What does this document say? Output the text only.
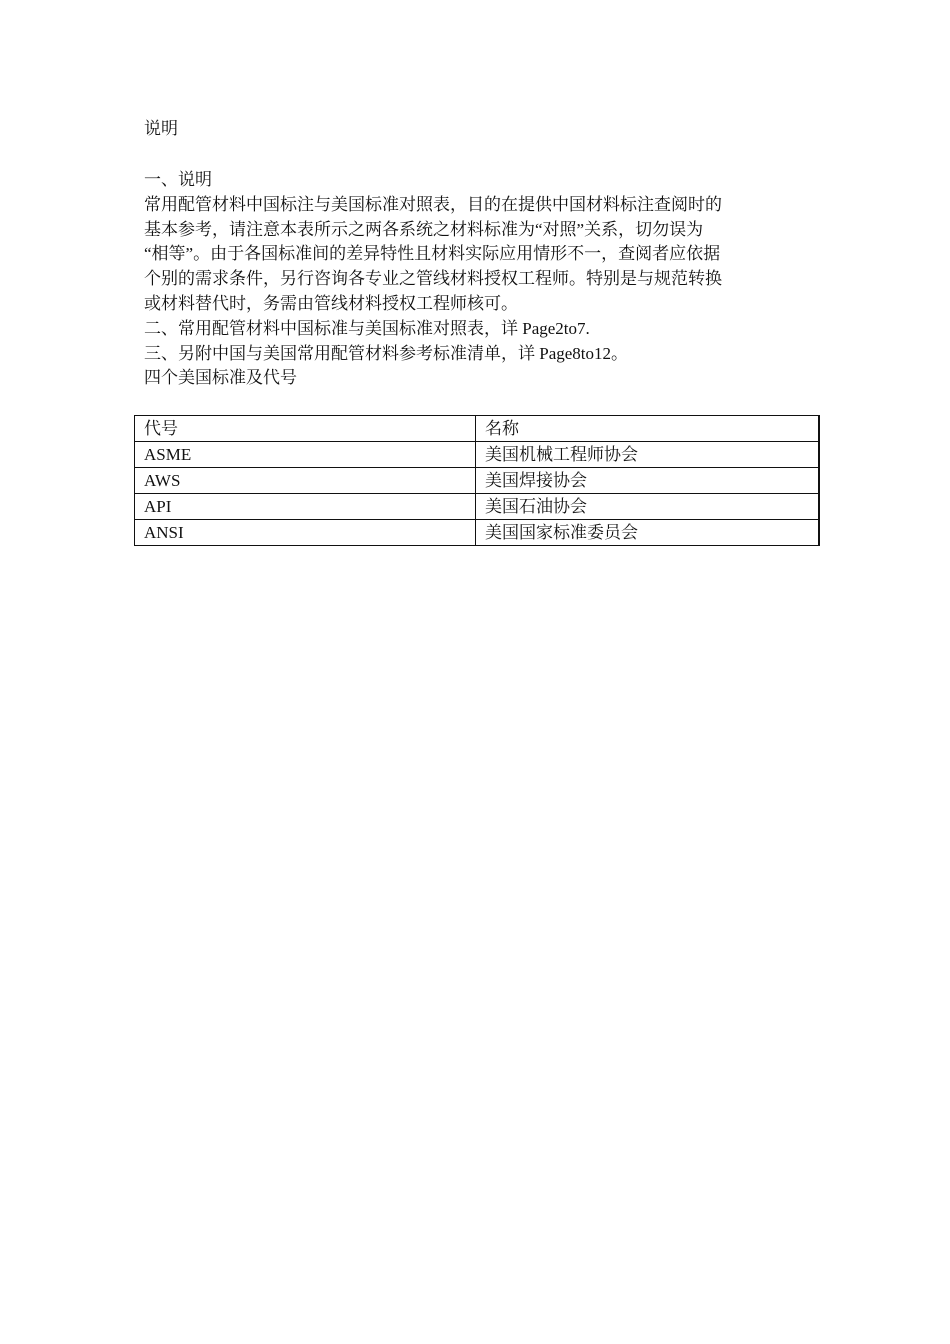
说明
一、说明
常用配管材料中国标注与美国标准对照表，目的在提供中国材料标注查阅时的
基本参考，请注意本表所示之两各系统之材料标准为“对照”关系，切勿误为
“相等”。由于各国标准间的差异特性且材料实际应用情形不一，查阅者应依据
个别的需求条件，另行咨询各专业之管线材料授权工程师。特别是与规范转换
或材料替代时，务需由管线材料授权工程师核可。
二、常用配管材料中国标准与美国标准对照表，详 Page2to7.
三、另附中国与美国常用配管材料参考标准清单，详 Page8to12。
四个美国标准及代号
代号	名称
ASME	美国机械工程师协会
AWS	美国焊接协会
API	美国石油协会
ANSI	美国国家标准委员会
